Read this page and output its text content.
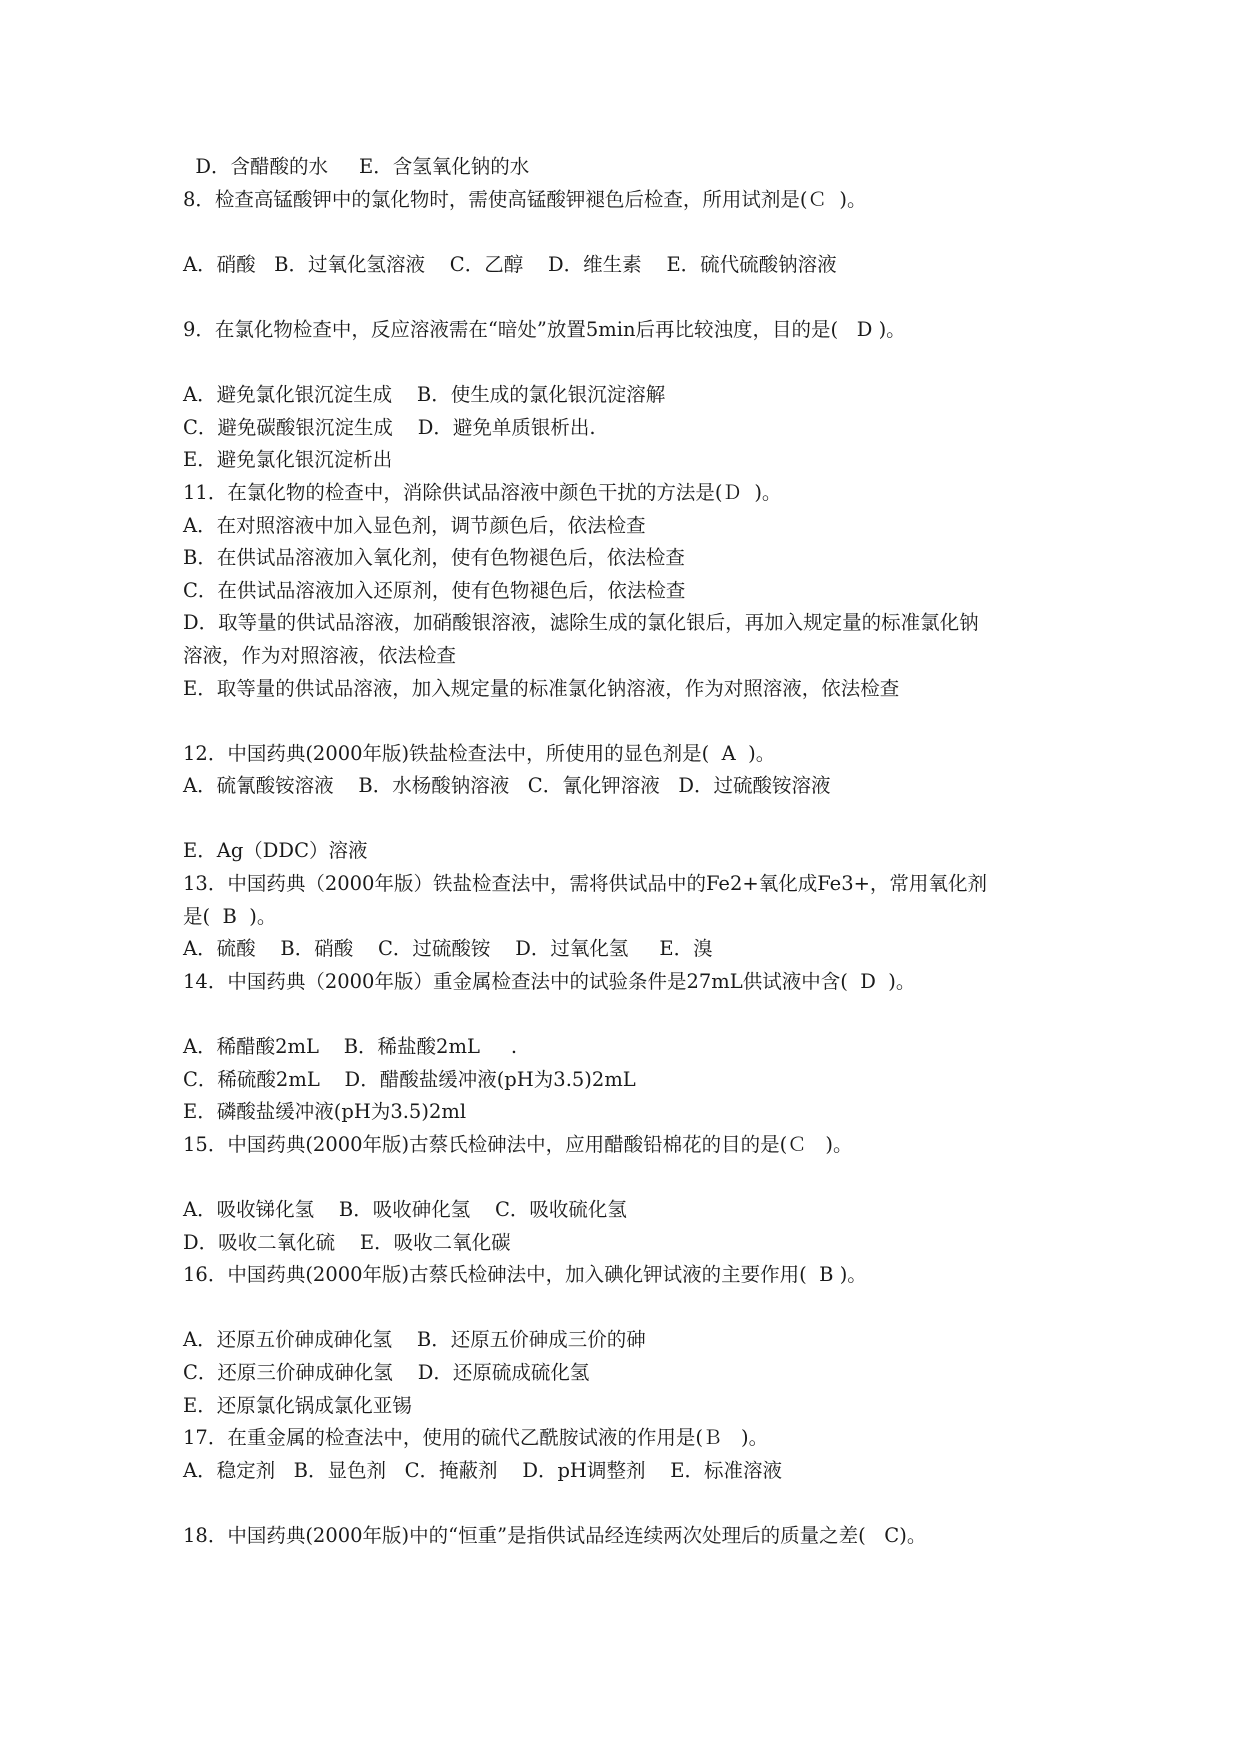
D．含醋酸的水     E．含氢氧化钠的水
8．检查高锰酸钾中的氯化物时，需使高锰酸钾褪色后检查，所用试剂是(Ｃ  )。
A．硝酸   B．过氧化氢溶液    C．乙醇    D．维生素    E．硫代硫酸钠溶液
9．在氯化物检查中，反应溶液需在“暗处”放置5min后再比较浊度，目的是(   D )。
A．避免氯化银沉淀生成    B．使生成的氯化银沉淀溶解
C．避免碳酸银沉淀生成    D．避免单质银析出.
E．避免氯化银沉淀析出
11．在氯化物的检查中，消除供试品溶液中颜色干扰的方法是(Ｄ  )。
A．在对照溶液中加入显色剂，调节颜色后，依法检查
B．在供试品溶液加入氧化剂，使有色物褪色后，依法检查
C．在供试品溶液加入还原剂，使有色物褪色后，依法检查
D．取等量的供试品溶液，加硝酸银溶液，滤除生成的氯化银后，再加入规定量的标准氯化钠
溶液，作为对照溶液，依法检查
E．取等量的供试品溶液，加入规定量的标准氯化钠溶液，作为对照溶液，依法检查
12．中国药典(2000年版)铁盐检查法中，所使用的显色剂是(  A  )。
A．硫氰酸铵溶液    B．水杨酸钠溶液   C．氰化钾溶液   D．过硫酸铵溶液
E．Ag（DDC）溶液
13．中国药典（2000年版）铁盐检查法中，需将供试品中的Fe2+氧化成Fe3+，常用氧化剂
是(  B  )。
A．硫酸    B．硝酸    C．过硫酸铵    D．过氧化氢     E．溴
14．中国药典（2000年版）重金属检查法中的试验条件是27mL供试液中含(  D  )。
A．稀醋酸2mL    B．稀盐酸2mL     .
C．稀硫酸2mL    D．醋酸盐缓冲液(pH为3.5)2mL
E．磷酸盐缓冲液(pH为3.5)2ml
15．中国药典(2000年版)古蔡氏检砷法中，应用醋酸铅棉花的目的是(Ｃ   )。
A．吸收锑化氢    B．吸收砷化氢    C．吸收硫化氢
D．吸收二氧化硫    E．吸收二氧化碳
16．中国药典(2000年版)古蔡氏检砷法中，加入碘化钾试液的主要作用(  B )。
A．还原五价砷成砷化氢    B．还原五价砷成三价的砷
C．还原三价砷成砷化氢    D．还原硫成硫化氢
E．还原氯化锅成氯化亚锡
17．在重金属的检查法中，使用的硫代乙酰胺试液的作用是(Ｂ   )。
A．稳定剂   B．显色剂   C．掩蔽剂    D．pH调整剂    E．标准溶液
18．中国药典(2000年版)中的“恒重”是指供试品经连续两次处理后的质量之差(   C)。
